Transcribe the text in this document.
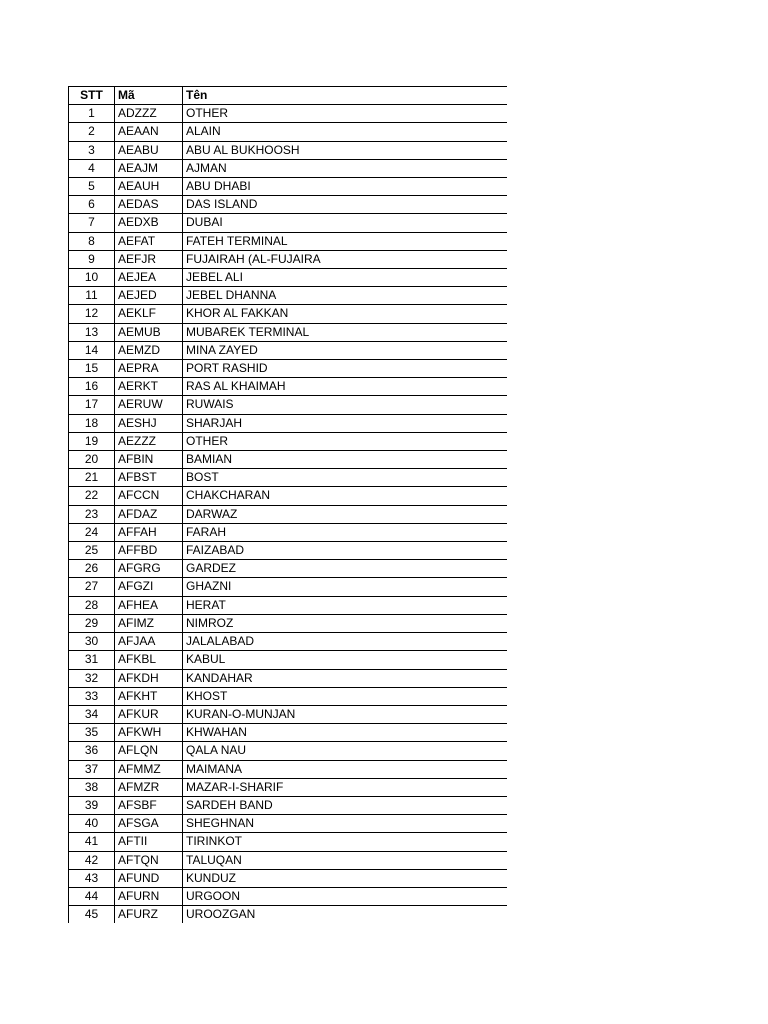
STT	Mã	Tên
1	ADZZZ	OTHER
2	AEAAN	ALAIN
3	AEABU	ABU AL BUKHOOSH
4	AEAJM	AJMAN
5	AEAUH	ABU DHABI
6	AEDAS	DAS ISLAND
7	AEDXB	DUBAI
8	AEFAT	FATEH TERMINAL
9	AEFJR	FUJAIRAH (AL-FUJAIRA
10	AEJEA	JEBEL ALI
11	AEJED	JEBEL DHANNA
12	AEKLF	KHOR AL FAKKAN
13	AEMUB	MUBAREK TERMINAL
14	AEMZD	MINA ZAYED
15	AEPRA	PORT RASHID
16	AERKT	RAS AL KHAIMAH
17	AERUW	RUWAIS
18	AESHJ	SHARJAH
19	AEZZZ	OTHER
20	AFBIN	BAMIAN
21	AFBST	BOST
22	AFCCN	CHAKCHARAN
23	AFDAZ	DARWAZ
24	AFFAH	FARAH
25	AFFBD	FAIZABAD
26	AFGRG	GARDEZ
27	AFGZI	GHAZNI
28	AFHEA	HERAT
29	AFIMZ	NIMROZ
30	AFJAA	JALALABAD
31	AFKBL	KABUL
32	AFKDH	KANDAHAR
33	AFKHT	KHOST
34	AFKUR	KURAN-O-MUNJAN
35	AFKWH	KHWAHAN
36	AFLQN	QALA NAU
37	AFMMZ	MAIMANA
38	AFMZR	MAZAR-I-SHARIF
39	AFSBF	SARDEH BAND
40	AFSGA	SHEGHNAN
41	AFTII	TIRINKOT
42	AFTQN	TALUQAN
43	AFUND	KUNDUZ
44	AFURN	URGOON
45	AFURZ	UROOZGAN
